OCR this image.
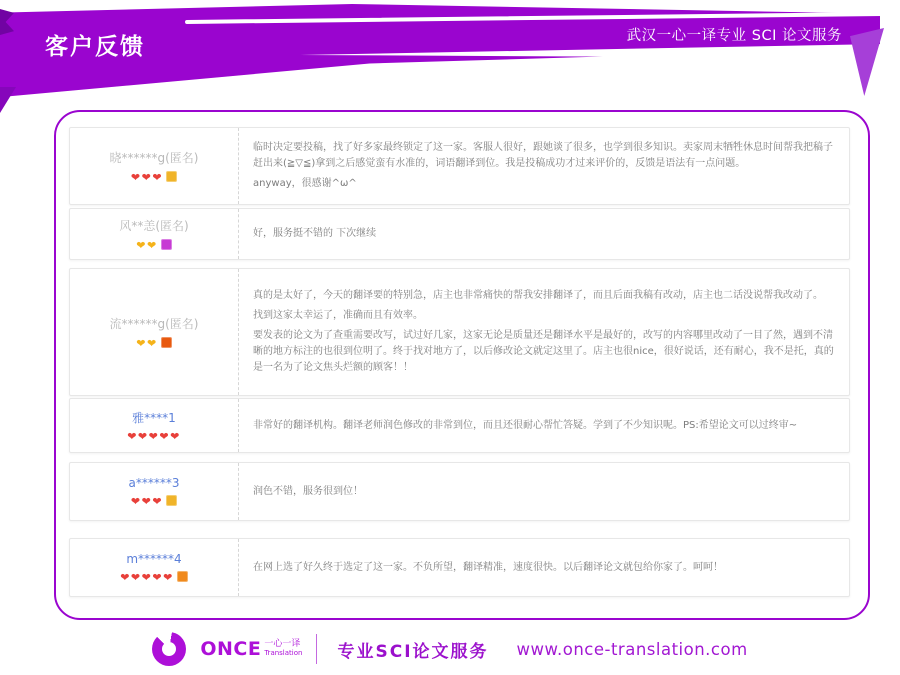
客户反馈	武汉一心一译专业 SCI 论文服务
晓******g(匿名)
❤❤❤
临时决定要投稿，找了好多家最终锁定了这一家。客服人很好，跟她谈了很多，也学到很多知识。卖家周末牺牲休息时间帮我把稿子赶出来(≧▽≦)拿到之后感觉蛮有水准的，词语翻译到位。我是投稿成功才过来评价的，反馈是语法有一点问题。
anyway，很感谢^ω^
风**恙(匿名)
❤❤
好，服务挺不错的 下次继续
流******g(匿名)
❤❤
真的是太好了，今天的翻译要的特别急，店主也非常痛快的帮我安排翻译了，而且后面我稿有改动，店主也二话没说帮我改动了。
找到这家太幸运了，准确而且有效率。
要发表的论文为了查重需要改写，试过好几家，这家无论是质量还是翻译水平是最好的，改写的内容哪里改动了一目了然，遇到不清晰的地方标注的也很到位明了。终于找对地方了，以后修改论文就定这里了。店主也很nice，很好说话，还有耐心，我不是托，真的是一名为了论文焦头烂额的顾客！！
雅****1
❤❤❤❤❤
非常好的翻译机构。翻译老师润色修改的非常到位，而且还很耐心帮忙答疑。学到了不少知识呢。PS:希望论文可以过终审~
a******3
❤❤❤
润色不错，服务很到位！
m******4
❤❤❤❤❤
在网上选了好久终于选定了这一家。不负所望，翻译精准，速度很快。以后翻译论文就包给你家了。呵呵！
ONCE 一心一译
Translation 专业SCI论文服务 www.once-translation.com
